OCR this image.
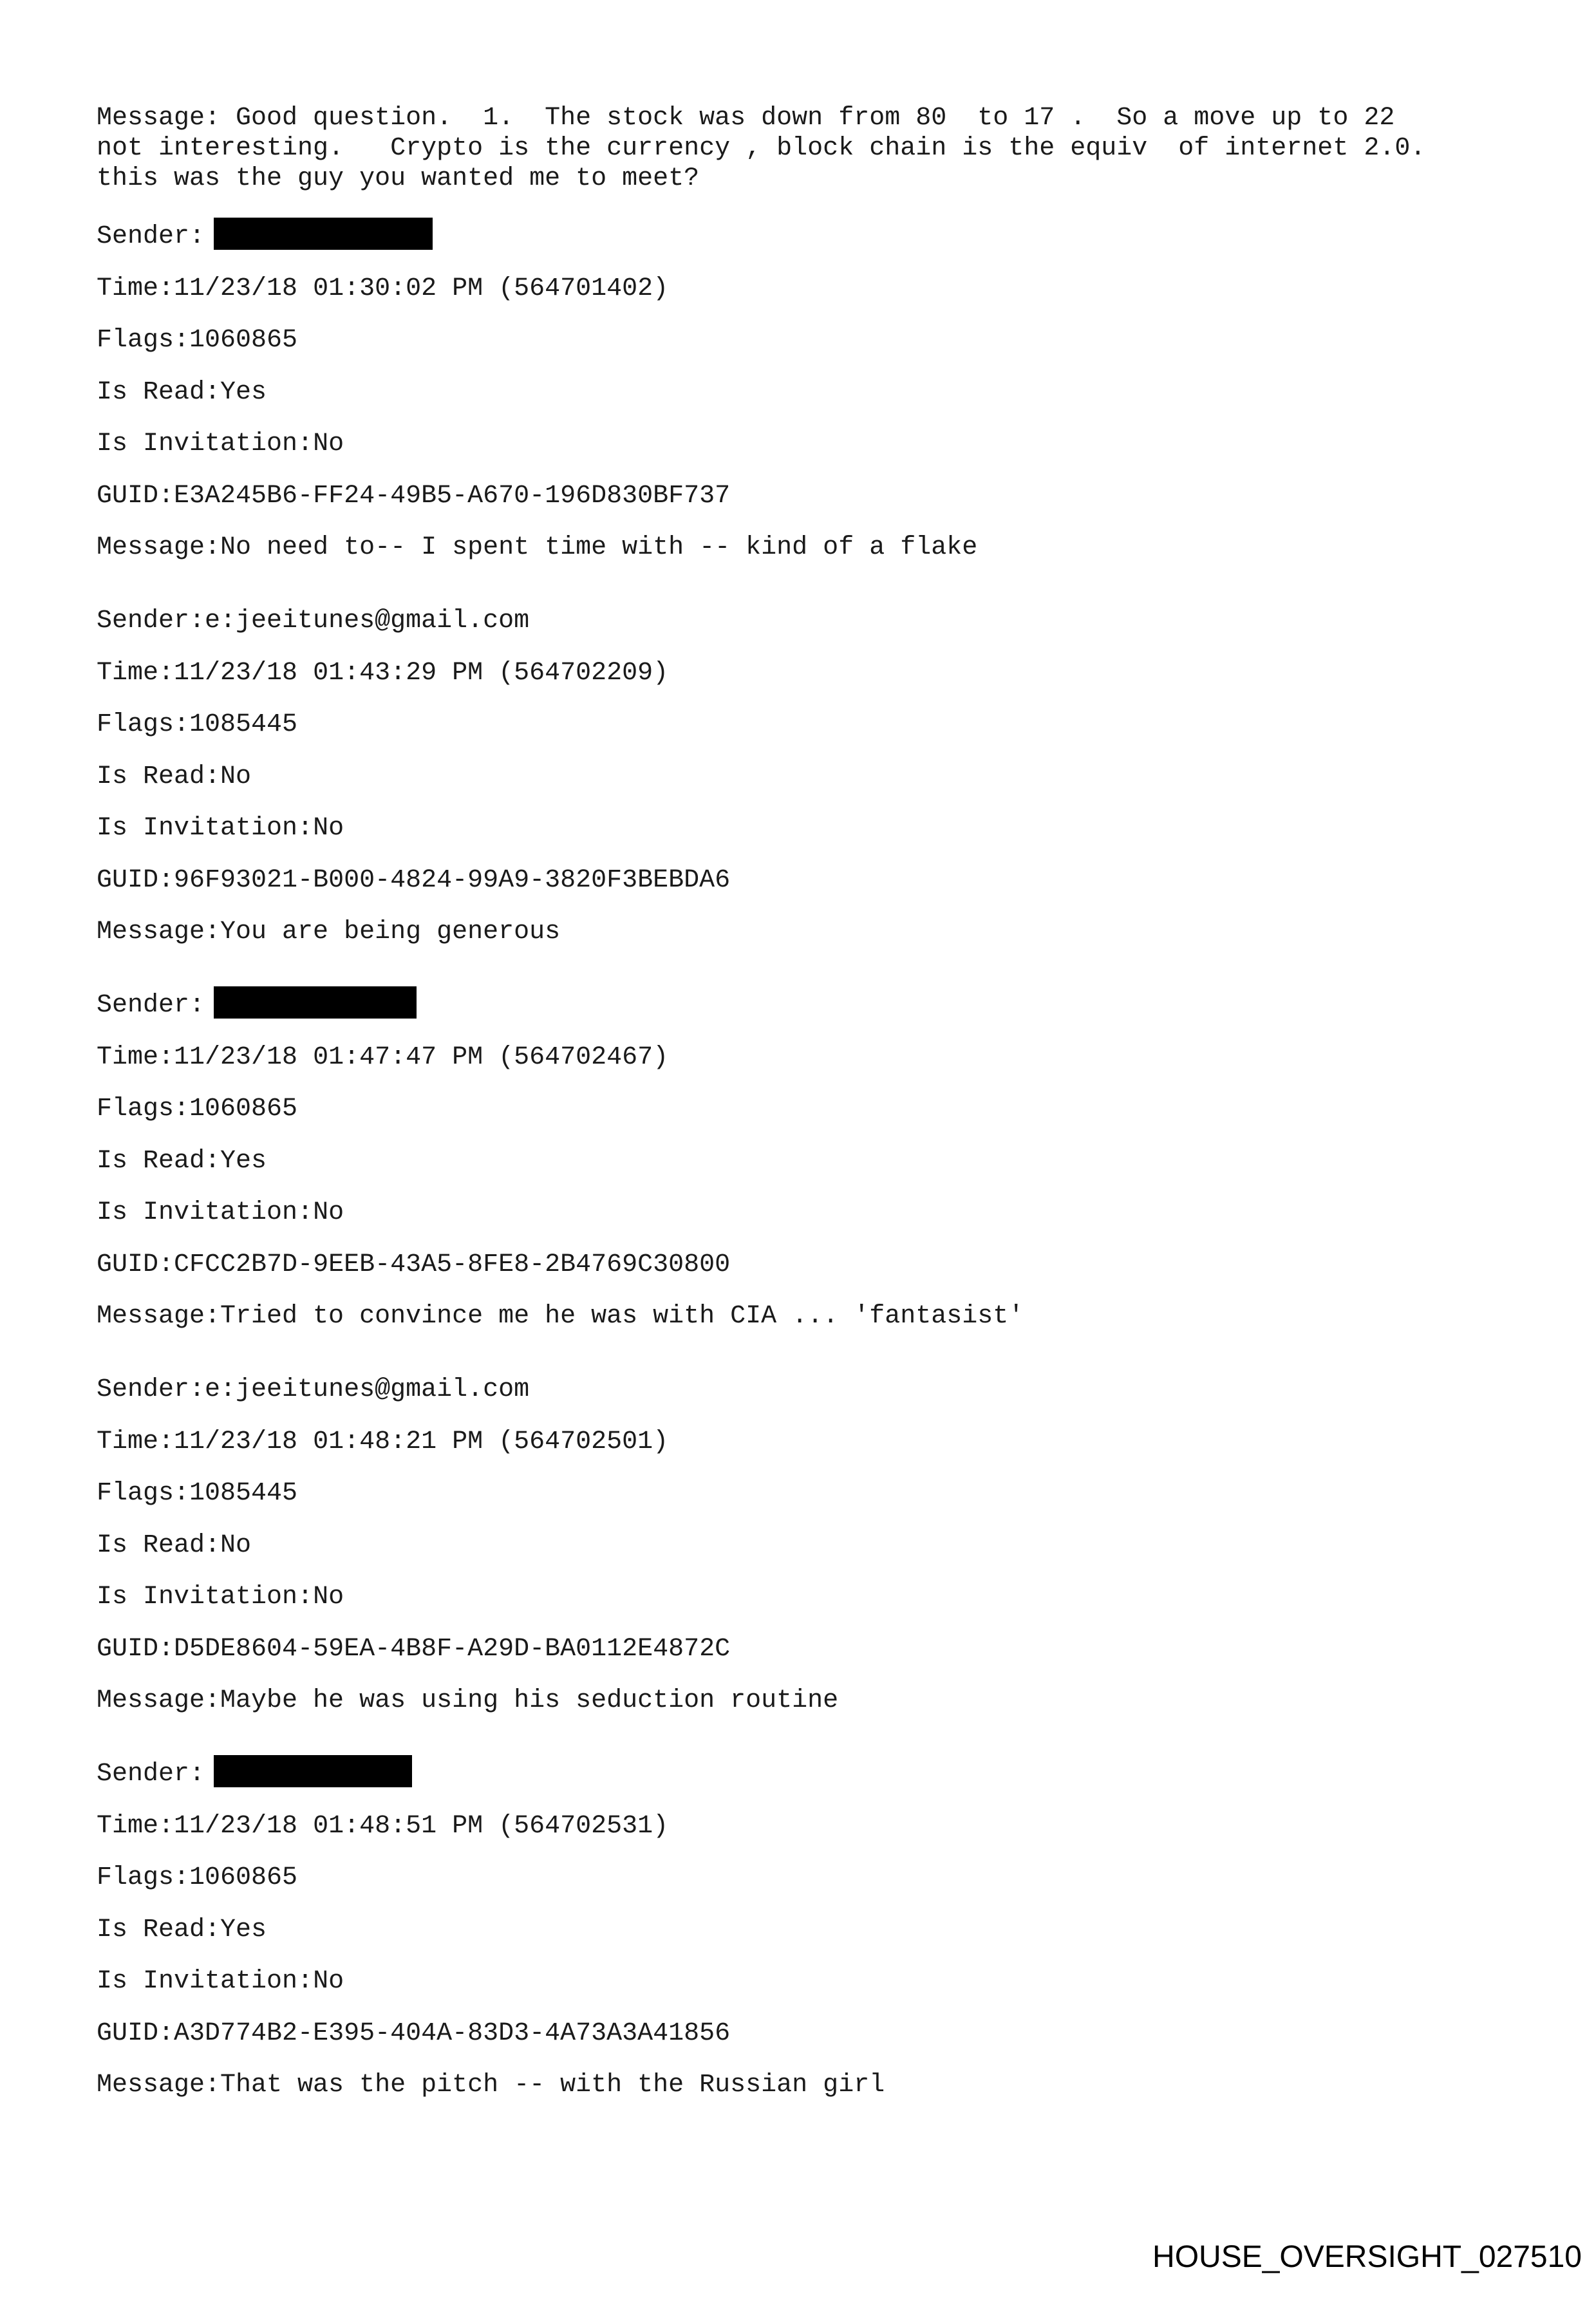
Message: Good question.  1.  The stock was down from 80  to 17 .  So a move up to 22
not interesting.   Crypto is the currency , block chain is the equiv  of internet 2.0.
this was the guy you wanted me to meet?
Sender:
Time: 11/23/18 01:30:02 PM (564701402)
Flags: 1060865
Is Read: Yes
Is Invitation: No
GUID: E3A245B6-FF24-49B5-A670-196D830BF737
Message: No need to-- I spent time with -- kind of a flake
Sender: e:jeeitunes@gmail.com
Time: 11/23/18 01:43:29 PM (564702209)
Flags: 1085445
Is Read: No
Is Invitation: No
GUID: 96F93021-B000-4824-99A9-3820F3BEBDA6
Message: You are being generous
Sender:
Time: 11/23/18 01:47:47 PM (564702467)
Flags: 1060865
Is Read: Yes
Is Invitation: No
GUID: CFCC2B7D-9EEB-43A5-8FE8-2B4769C30800
Message: Tried to convince me he was with CIA ... 'fantasist'
Sender: e:jeeitunes@gmail.com
Time: 11/23/18 01:48:21 PM (564702501)
Flags: 1085445
Is Read: No
Is Invitation: No
GUID: D5DE8604-59EA-4B8F-A29D-BA0112E4872C
Message: Maybe he was using his seduction routine
Sender:
Time: 11/23/18 01:48:51 PM (564702531)
Flags: 1060865
Is Read: Yes
Is Invitation: No
GUID: A3D774B2-E395-404A-83D3-4A73A3A41856
Message: That was the pitch -- with the Russian girl
HOUSE_OVERSIGHT_027510
